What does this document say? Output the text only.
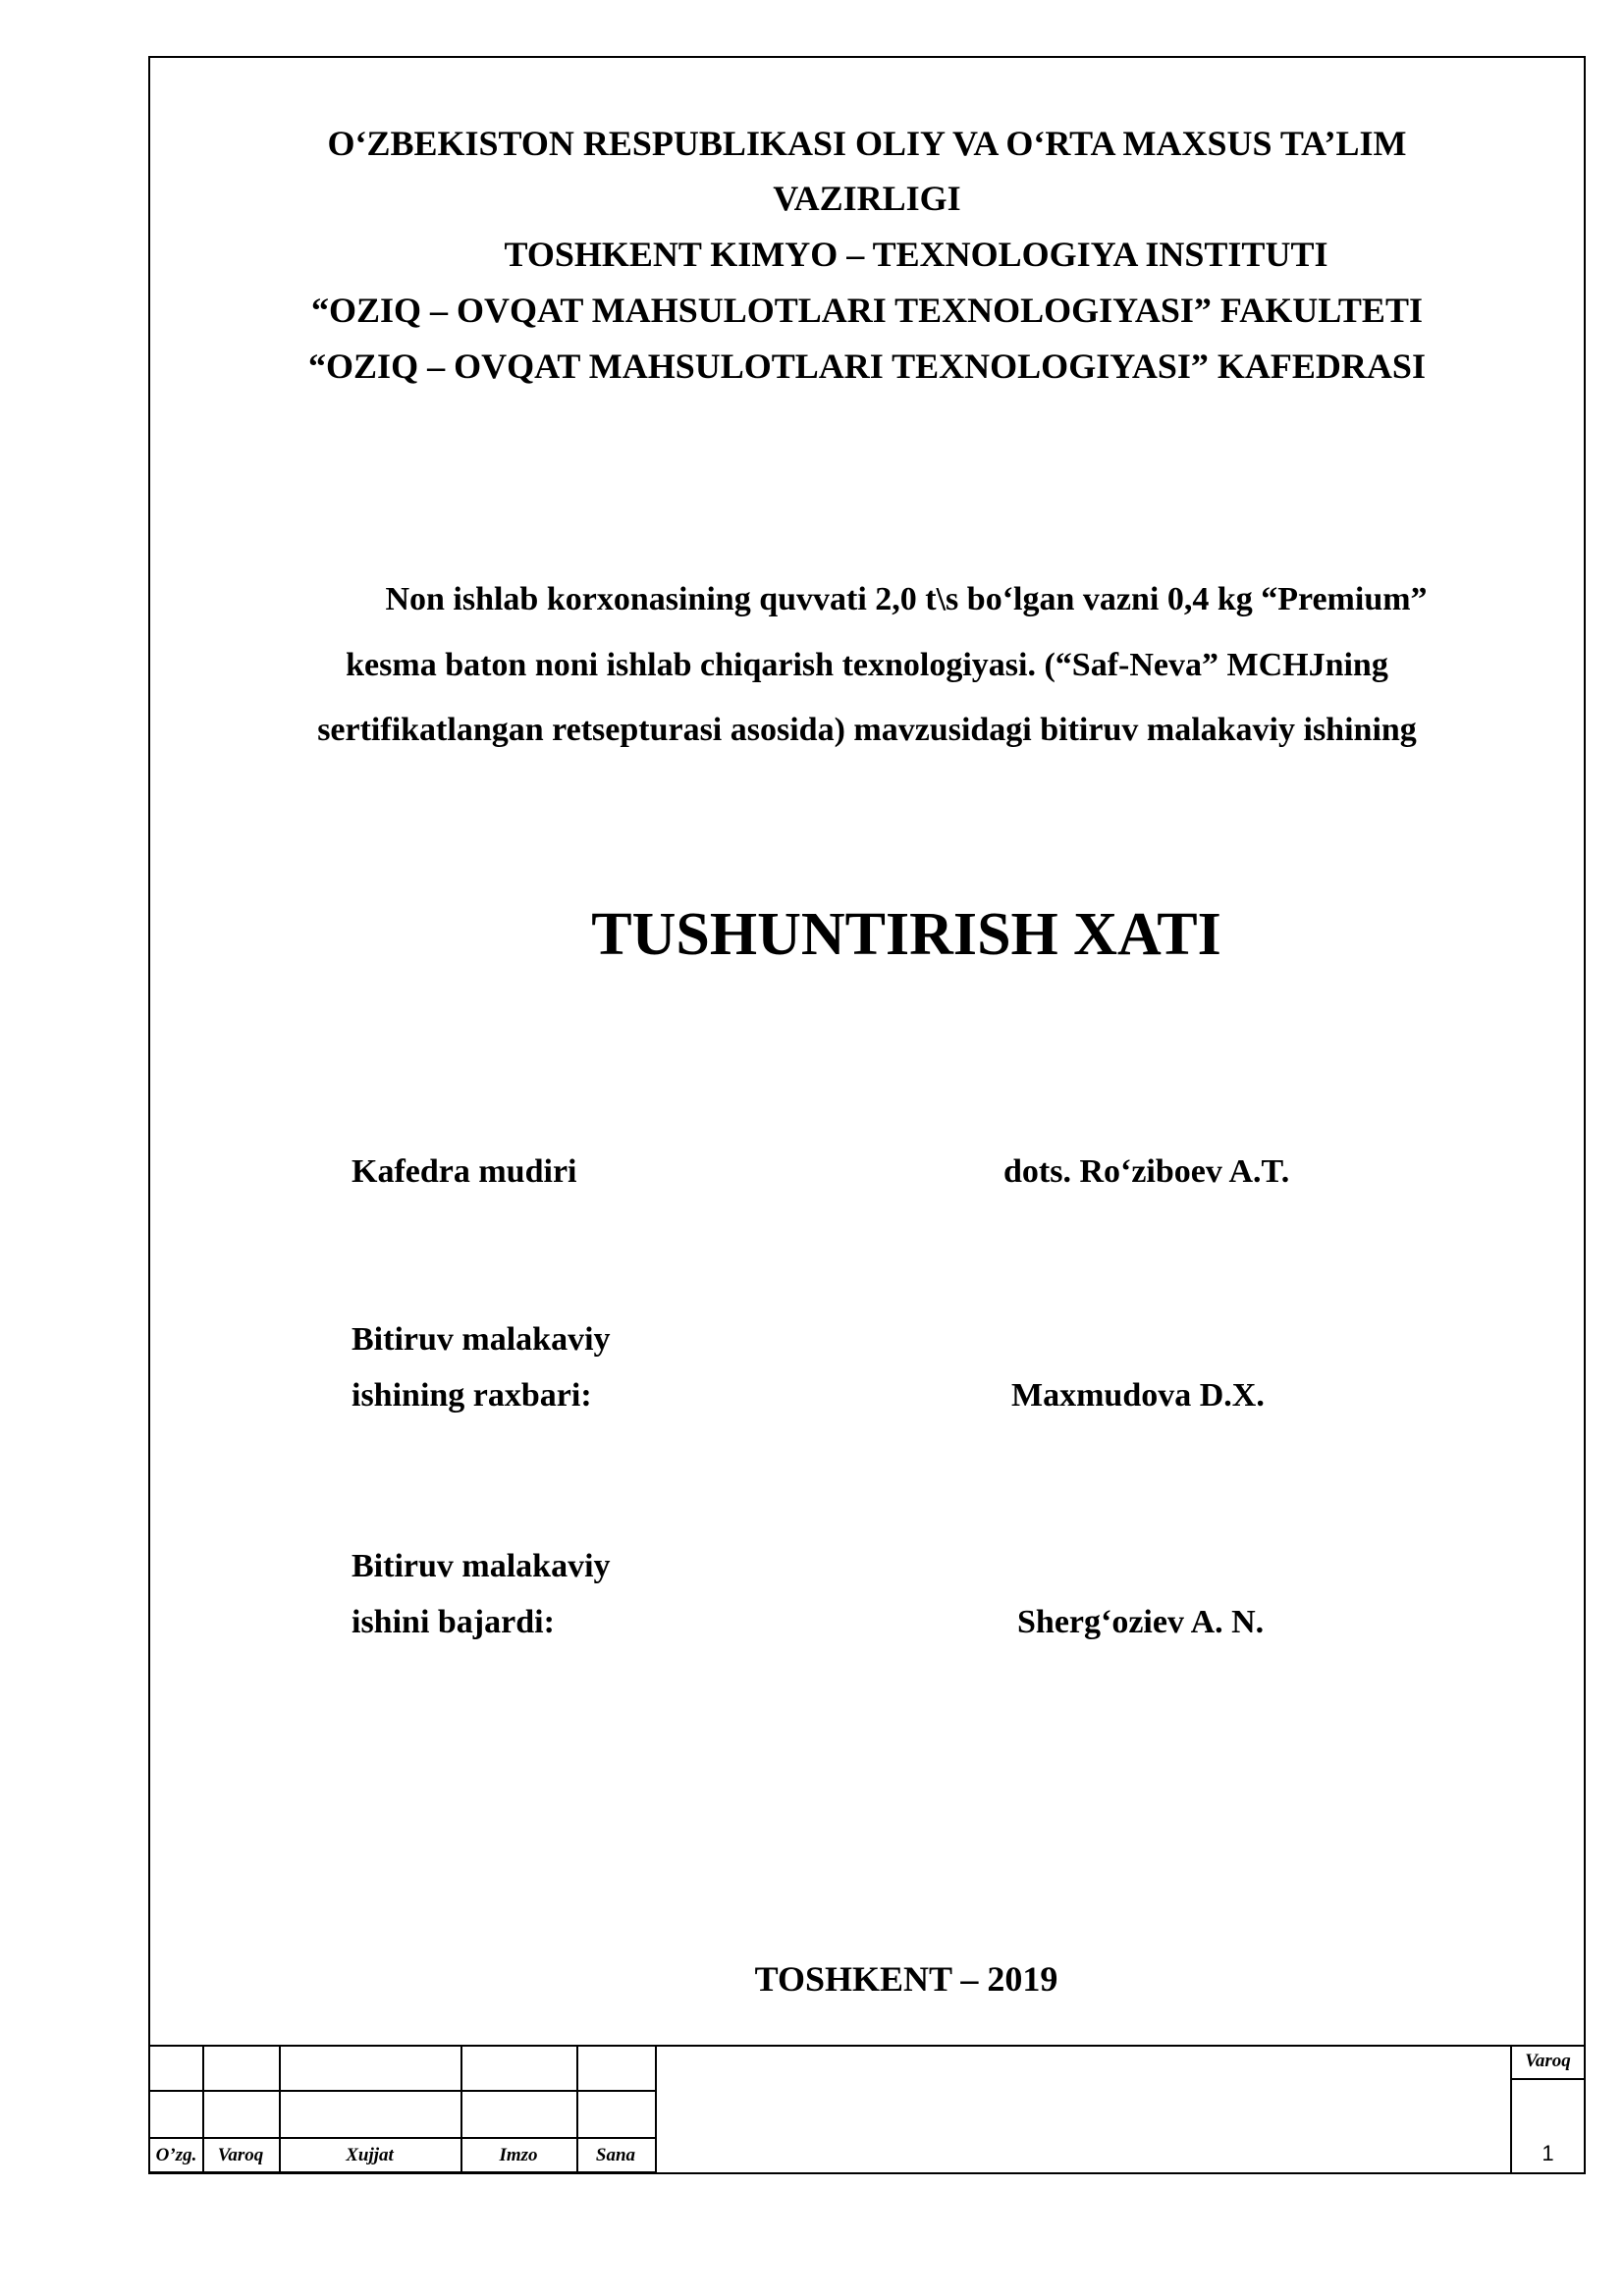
O‘ZBEKISTON RESPUBLIKASI OLIY VA O‘RTA MAXSUS TA’LIM
VAZIRLIGI
TOSHKENT KIMYO – TEXNOLOGIYA INSTITUTI
“OZIQ – OVQAT MAHSULOTLARI TEXNOLOGIYASI” FAKULTETI
“OZIQ – OVQAT MAHSULOTLARI TEXNOLOGIYASI” KAFEDRASI
Non ishlab korxonasining quvvati 2,0 t\s bo‘lgan vazni 0,4 kg “Premium”
kesma baton noni ishlab chiqarish texnologiyasi. (“Saf-Neva” MCHJning
sertifikatlangan retsepturasi asosida) mavzusidagi bitiruv malakaviy ishining
TUSHUNTIRISH XATI
Kafedra mudiri	dots. Ro‘ziboev A.T.
Bitiruv malakaviy
ishining raxbari:	Maxmudova D.X.
Bitiruv malakaviy
ishini bajardi:	Sherg‘oziev A. N.
TOSHKENT – 2019
O’zg.	Varoq	Xujjat	Imzo	Sana
Varoq
1
